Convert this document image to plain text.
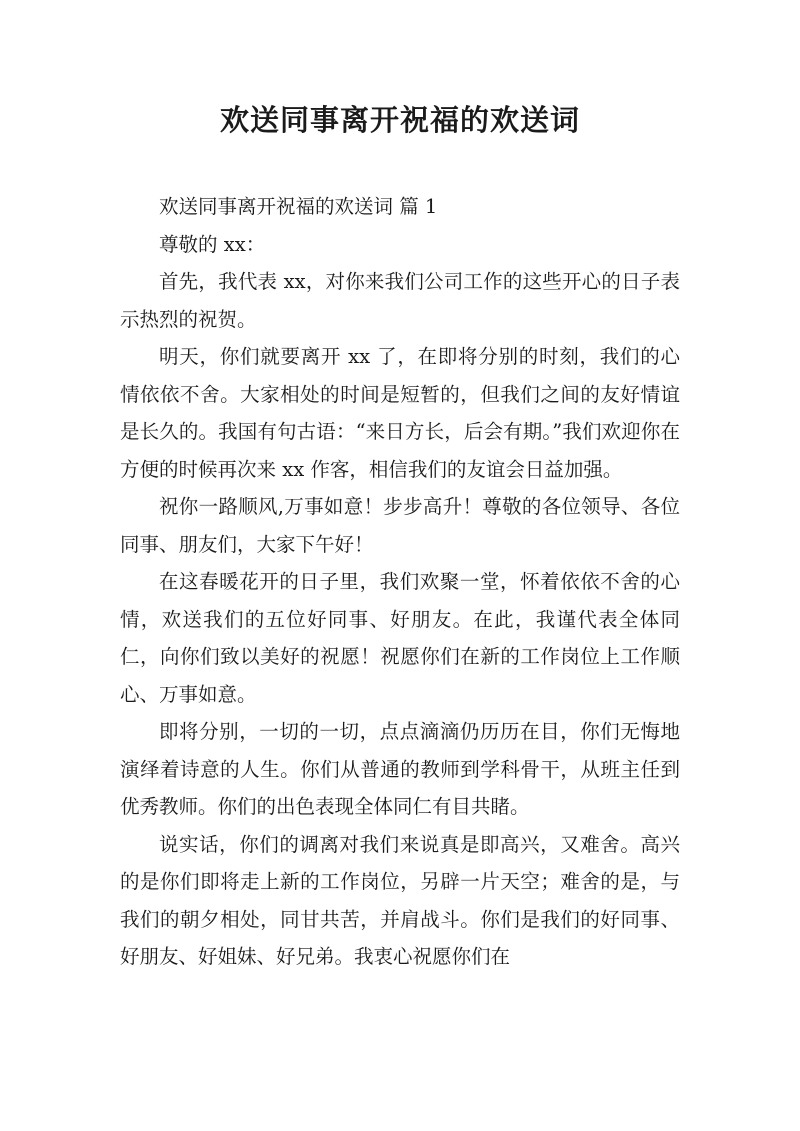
欢送同事离开祝福的欢送词

欢送同事离开祝福的欢送词 篇 1

尊敬的 xx：

首先，我代表 xx，对你来我们公司工作的这些开心的日子表示热烈的祝贺。

明天，你们就要离开 xx 了，在即将分别的时刻，我们的心情依依不舍。大家相处的时间是短暂的，但我们之间的友好情谊是长久的。我国有句古语：“来日方长，后会有期。”我们欢迎你在方便的时候再次来 xx 作客，相信我们的友谊会日益加强。

祝你一路顺风,万事如意！步步高升！尊敬的各位领导、各位同事、朋友们，大家下午好！

在这春暖花开的日子里，我们欢聚一堂，怀着依依不舍的心情，欢送我们的五位好同事、好朋友。在此，我谨代表全体同仁，向你们致以美好的祝愿！祝愿你们在新的工作岗位上工作顺心、万事如意。

即将分别，一切的一切，点点滴滴仍历历在目，你们无悔地演绎着诗意的人生。你们从普通的教师到学科骨干，从班主任到优秀教师。你们的出色表现全体同仁有目共睹。

说实话，你们的调离对我们来说真是即高兴，又难舍。高兴的是你们即将走上新的工作岗位，另辟一片天空；难舍的是，与我们的朝夕相处，同甘共苦，并肩战斗。你们是我们的好同事、好朋友、好姐妹、好兄弟。我衷心祝愿你们在
